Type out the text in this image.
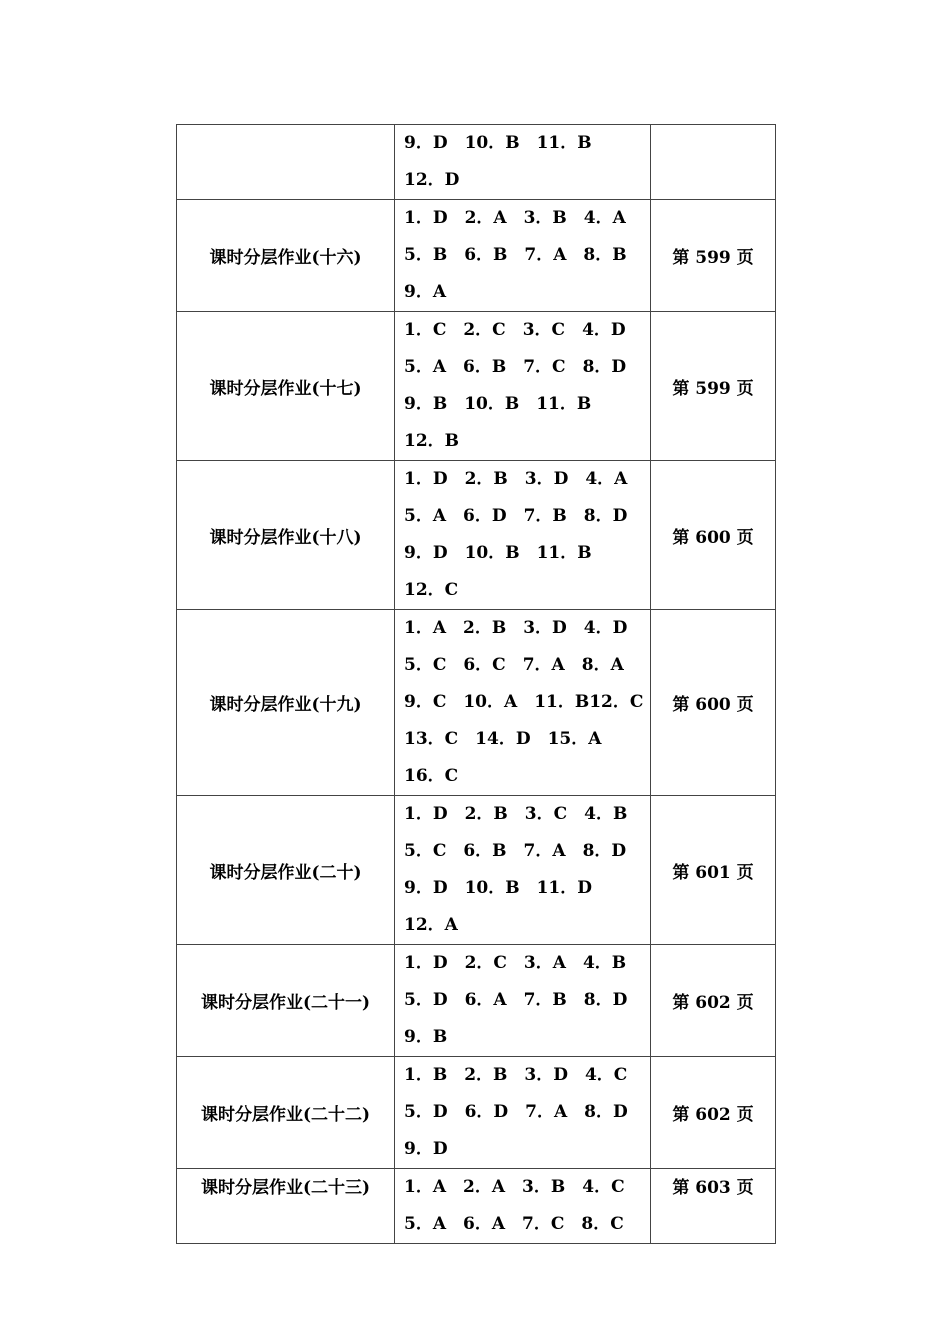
	9．D　10．B　11．B
12．D	

课时分层作业(十六)	1．D　2．A　3．B　4．A
5．B　6．B　7．A　8．B
9．A	第 599 页
课时分层作业(十七)	1．C　2．C　3．C　4．D
5．A　6．B　7．C　8．D
9．B　10．B　11．B
12．B	第 599 页
课时分层作业(十八)	1．D　2．B　3．D　4．A
5．A　6．D　7．B　8．D
9．D　10．B　11．B
12．C	第 600 页
课时分层作业(十九)	1．A　2．B　3．D　4．D
5．C　6．C　7．A　8．A
9．C　10．A　11．B12．C
13．C　14．D　15．A
16．C	第 600 页
课时分层作业(二十)	1．D　2．B　3．C　4．B
5．C　6．B　7．A　8．D
9．D　10．B　11．D
12．A	第 601 页
课时分层作业(二十一)	1．D　2．C　3．A　4．B
5．D　6．A　7．B　8．D
9．B	第 602 页
课时分层作业(二十二)	1．B　2．B　3．D　4．C
5．D　6．D　7．A　8．D
9．D	第 602 页
课时分层作业(二十三)	1．A　2．A　3．B　4．C
5．A　6．A　7．C　8．C	第 603 页
